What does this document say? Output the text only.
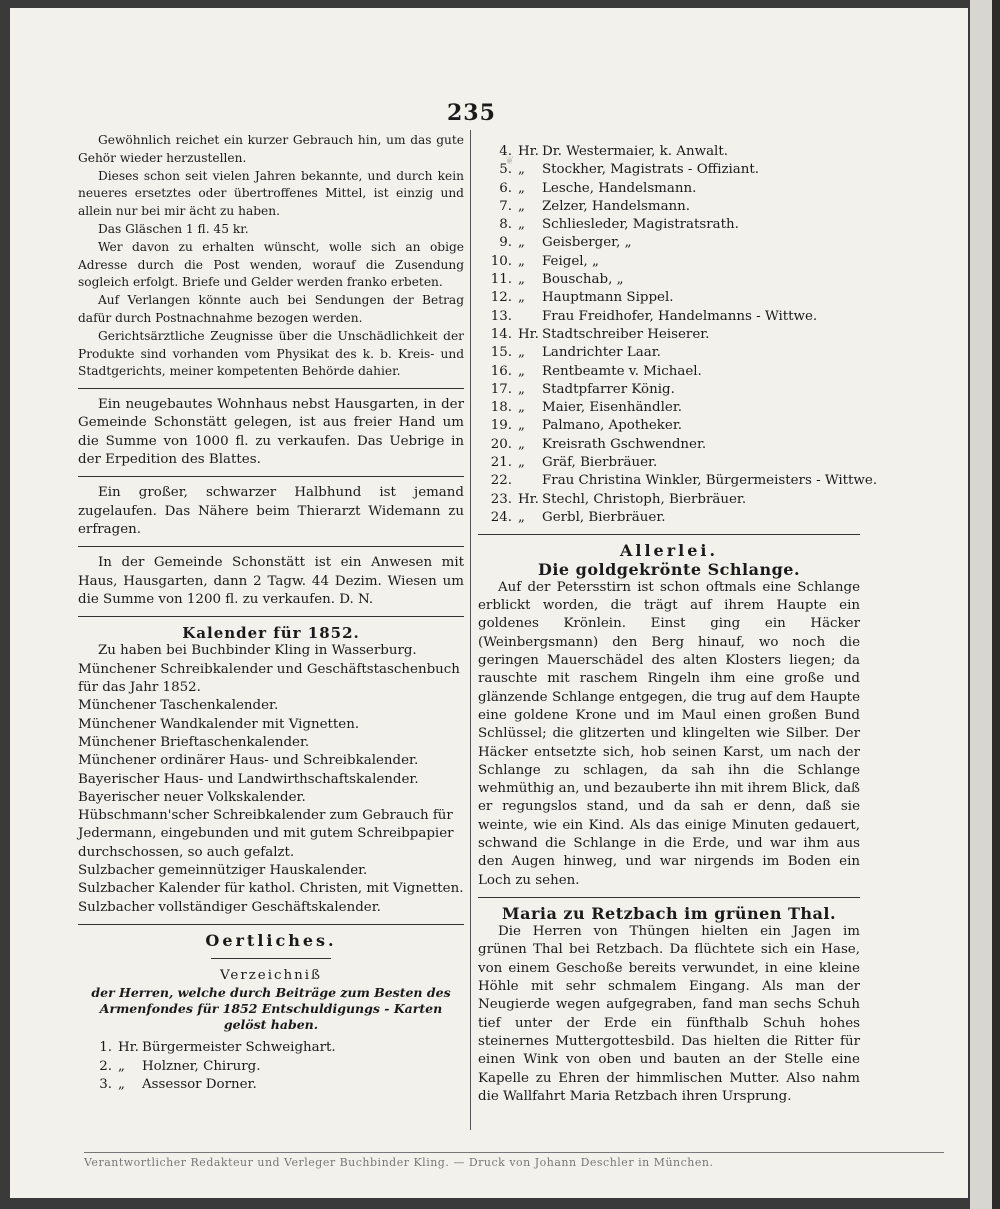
❦
235

Gewöhnlich reichet ein kurzer Gebrauch hin, um das gute Gehör wieder herzustellen.

Dieses schon seit vielen Jahren bekannte, und durch kein neueres ersetztes oder übertroffenes Mittel, ist einzig und allein nur bei mir ächt zu haben.

Das Gläschen 1 fl. 45 kr.

Wer davon zu erhalten wünscht, wolle sich an obige Adresse durch die Post wenden, worauf die Zusendung sogleich erfolgt. Briefe und Gelder werden franko erbeten.

Auf Verlangen könnte auch bei Sendungen der Betrag dafür durch Postnachnahme bezogen werden.

Gerichtsärztliche Zeugnisse über die Unschädlichkeit der Produkte sind vorhanden vom Physikat des k. b. Kreis- und Stadtgerichts, meiner kompetenten Behörde dahier.

Ein neugebautes Wohnhaus nebst Hausgarten, in der Gemeinde Schonstätt gelegen, ist aus freier Hand um die Summe von 1000 fl. zu verkaufen. Das Uebrige in der Erpedition des Blattes.

Ein großer, schwarzer Halbhund ist jemand zugelaufen. Das Nähere beim Thierarzt Widemann zu erfragen.

In der Gemeinde Schonstätt ist ein Anwesen mit Haus, Hausgarten, dann 2 Tagw. 44 Dezim. Wiesen um die Summe von 1200 fl. zu verkaufen. D. N.

Kalender für 1852.

Zu haben bei Buchbinder Kling in Wasserburg.

Münchener Schreibkalender und Geschäftstaschenbuch für das Jahr 1852.

Münchener Taschenkalender.

Münchener Wandkalender mit Vignetten.

Münchener Brieftaschenkalender.

Münchener ordinärer Haus- und Schreibkalender.

Bayerischer Haus- und Landwirthschaftskalender.

Bayerischer neuer Volkskalender.

Hübschmann'scher Schreibkalender zum Gebrauch für Jedermann, eingebunden und mit gutem Schreibpapier durchschossen, so auch gefalzt.

Sulzbacher gemeinnütziger Hauskalender.

Sulzbacher Kalender für kathol. Christen, mit Vignetten.

Sulzbacher vollständiger Geschäftskalender.

Oertliches.
Verzeichniß
der Herren, welche durch Beiträge zum Besten des Armenfondes für 1852 Entschuldigungs - Karten gelöst haben.
1. Hr. Bürgermeister Schweighart.
2. „	Holzner, Chirurg.
3. „	Assessor Dorner.
4. Hr. Dr. Westermaier, k. Anwalt.
5. „	Stockher, Magistrats - Offiziant.
6. „	Lesche, Handelsmann.
7. „	Zelzer, Handelsmann.
8. „	Schliesleder, Magistratsrath.
9. „	Geisberger, „
10. „	Feigel, „
11. „	Bouschab, „
12. „	Hauptmann Sippel.
13. Frau Freidhofer, Handelmanns - Wittwe.
14. Hr. Stadtschreiber Heiserer.
15. „	Landrichter Laar.
16. „	Rentbeamte v. Michael.
17. „	Stadtpfarrer König.
18. „	Maier, Eisenhändler.
19. „	Palmano, Apotheker.
20. „	Kreisrath Gschwendner.
21. „	Gräf, Bierbräuer.
22. Frau Christina Winkler, Bürgermeisters - Wittwe.
23. Hr. Stechl, Christoph, Bierbräuer.
24. „	Gerbl, Bierbräuer.
Allerlei.
Die goldgekrönte Schlange.

Auf der Petersstirn ist schon oftmals eine Schlange erblickt worden, die trägt auf ihrem Haupte ein goldenes Krönlein. Einst ging ein Häcker (Weinbergsmann) den Berg hinauf, wo noch die geringen Mauerschädel des alten Klosters liegen; da rauschte mit raschem Ringeln ihm eine große und glänzende Schlange entgegen, die trug auf dem Haupte eine goldene Krone und im Maul einen großen Bund Schlüssel; die glitzerten und klingelten wie Silber. Der Häcker entsetzte sich, hob seinen Karst, um nach der Schlange zu schlagen, da sah ihn die Schlange wehmüthig an, und bezauberte ihn mit ihrem Blick, daß er regungslos stand, und da sah er denn, daß sie weinte, wie ein Kind. Als das einige Minuten gedauert, schwand die Schlange in die Erde, und war ihm aus den Augen hinweg, und war nirgends im Boden ein Loch zu sehen.

Maria zu Retzbach im grünen Thal.

Die Herren von Thüngen hielten ein Jagen im grünen Thal bei Retzbach. Da flüchtete sich ein Hase, von einem Geschoße bereits verwundet, in eine kleine Höhle mit sehr schmalem Eingang. Als man der Neugierde wegen aufgegraben, fand man sechs Schuh tief unter der Erde ein fünfthalb Schuh hohes steinernes Muttergottesbild. Das hielten die Ritter für einen Wink von oben und bauten an der Stelle eine Kapelle zu Ehren der himmlischen Mutter. Also nahm die Wallfahrt Maria Retzbach ihren Ursprung.

Verantwortlicher Redakteur und Verleger Buchbinder Kling. — Druck von Johann Deschler in München.
